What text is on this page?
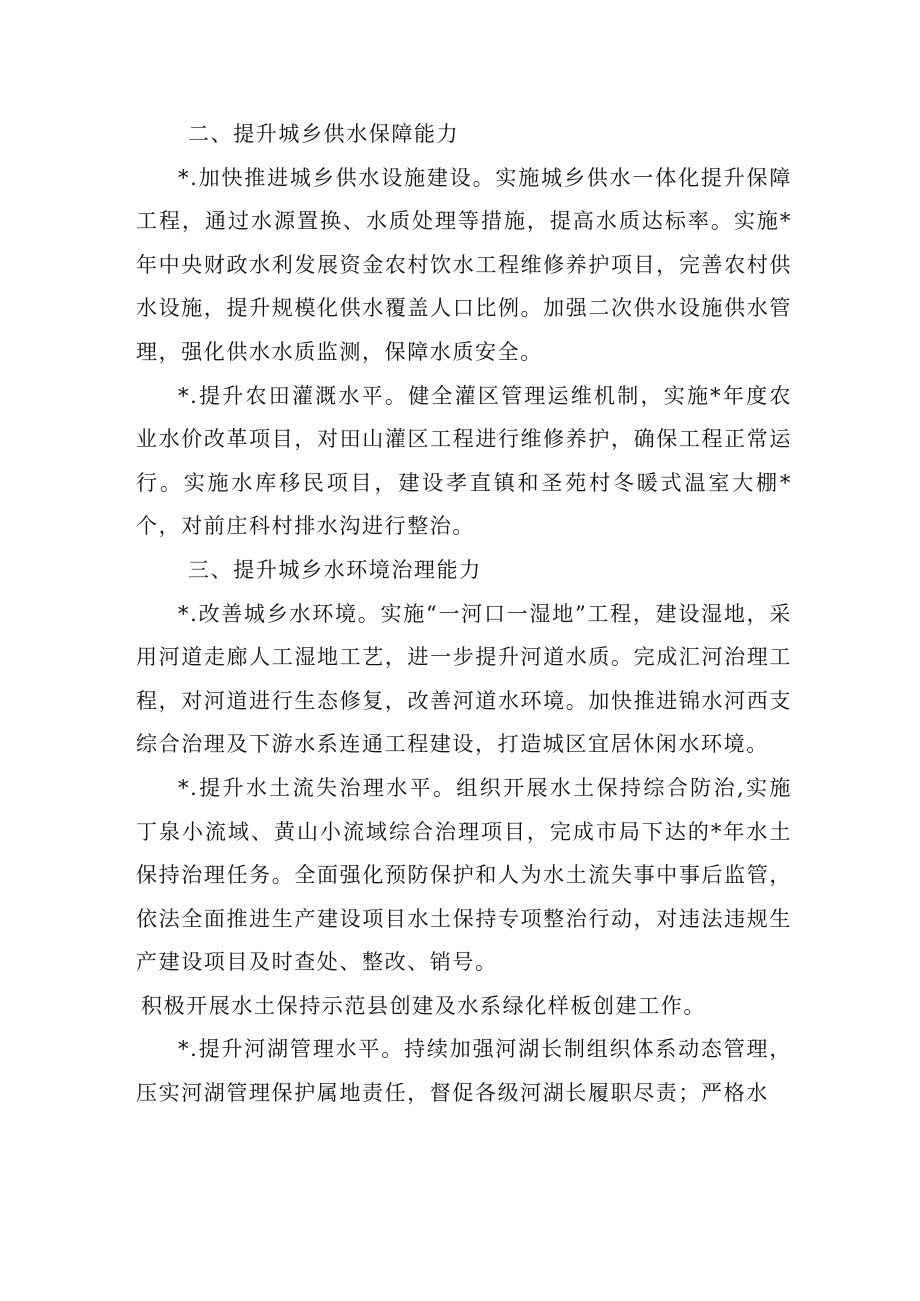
二、提升城乡供水保障能力

*.加快推进城乡供水设施建设。实施城乡供水一体化提升保障工程，通过水源置换、水质处理等措施，提高水质达标率。实施*年中央财政水利发展资金农村饮水工程维修养护项目，完善农村供水设施，提升规模化供水覆盖人口比例。加强二次供水设施供水管理，强化供水水质监测，保障水质安全。

*.提升农田灌溉水平。健全灌区管理运维机制，实施*年度农业水价改革项目，对田山灌区工程进行维修养护，确保工程正常运行。实施水库移民项目，建设孝直镇和圣苑村冬暖式温室大棚*个，对前庄科村排水沟进行整治。

三、提升城乡水环境治理能力

*.改善城乡水环境。实施“一河口一湿地”工程，建设湿地，采用河道走廊人工湿地工艺，进一步提升河道水质。完成汇河治理工程，对河道进行生态修复，改善河道水环境。加快推进锦水河西支综合治理及下游水系连通工程建设，打造城区宜居休闲水环境。

*.提升水土流失治理水平。组织开展水土保持综合防治,实施丁泉小流域、黄山小流域综合治理项目，完成市局下达的*年水土保持治理任务。全面强化预防保护和人为水土流失事中事后监管，依法全面推进生产建设项目水土保持专项整治行动，对违法违规生产建设项目及时查处、整改、销号。

积极开展水土保持示范县创建及水系绿化样板创建工作。

*.提升河湖管理水平。持续加强河湖长制组织体系动态管理，压实河湖管理保护属地责任，督促各级河湖长履职尽责；严格水
